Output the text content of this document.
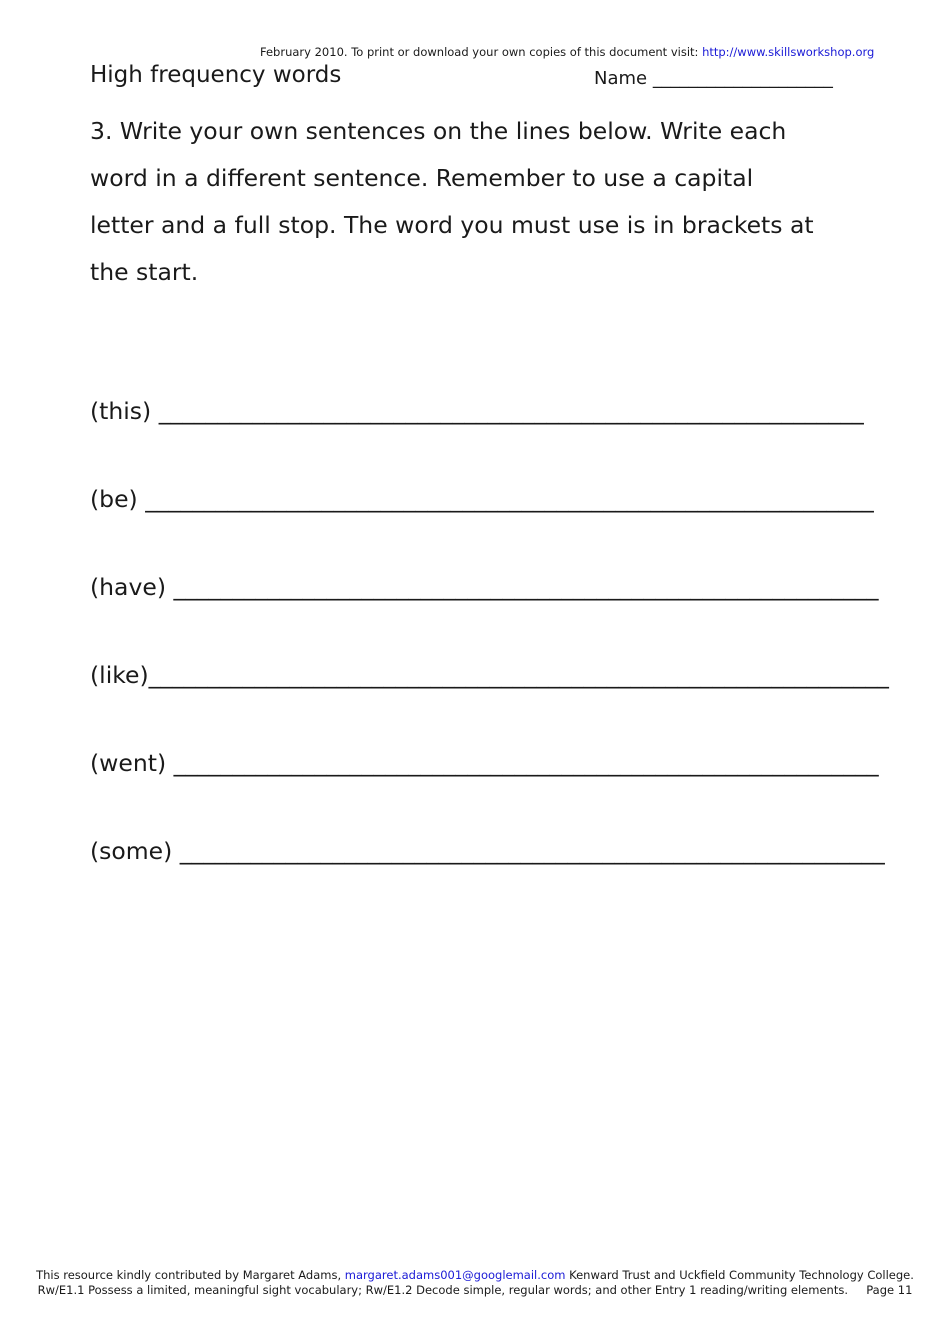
February 2010. To print or download your own copies of this document visit: http://www.skillsworkshop.org
High frequency words	Name ____________________

3. Write your own sentences on the lines below. Write each
word in a different sentence. Remember to use a capital
letter and a full stop. The word you must use is in brackets at
the start.

(this) ____________________________________________________________
(be) ______________________________________________________________
(have) ____________________________________________________________
(like)_______________________________________________________________
(went) ____________________________________________________________
(some) ____________________________________________________________
This resource kindly contributed by Margaret Adams, margaret.adams001@googlemail.com Kenward Trust and Uckfield Community Technology College.
Rw/E1.1 Possess a limited, meaningful sight vocabulary; Rw/E1.2 Decode simple, regular words; and other Entry 1 reading/writing elements. Page 11
